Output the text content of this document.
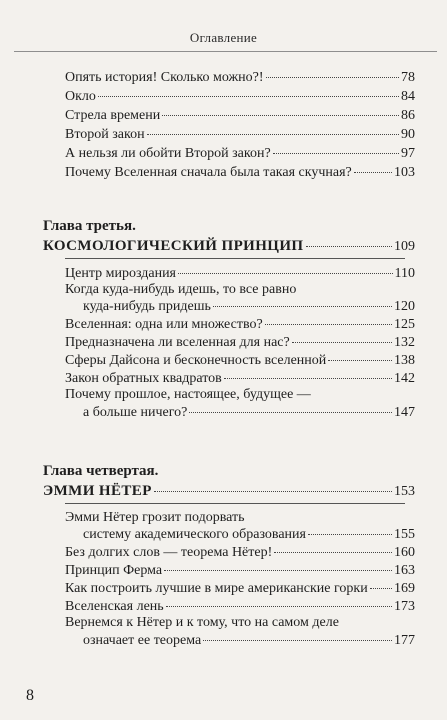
Оглавление
Опять история! Сколько можно?!	78
Окло	84
Стрела времени	86
Второй закон	90
А нельзя ли обойти Второй закон?	97
Почему Вселенная сначала была такая скучная?	103
Глава третья.
КОСМОЛОГИЧЕСКИЙ ПРИНЦИП	109
Центр мироздания	110
Когда куда-нибудь идешь, то все равно
куда-нибудь придешь	120
Вселенная: одна или множество?	125
Предназначена ли вселенная для нас?	132
Сферы Дайсона и бесконечность вселенной	138
Закон обратных квадратов	142
Почему прошлое, настоящее, будущее —
а больше ничего?	147
Глава четвертая.
ЭММИ НЁТЕР	153
Эмми Нётер грозит подорвать
систему академического образования	155
Без долгих слов — теорема Нётер!	160
Принцип Ферма	163
Как построить лучшие в мире американские горки 169
Вселенская лень	173
Вернемся к Нётер и к тому, что на самом деле
означает ее теорема	177
8
